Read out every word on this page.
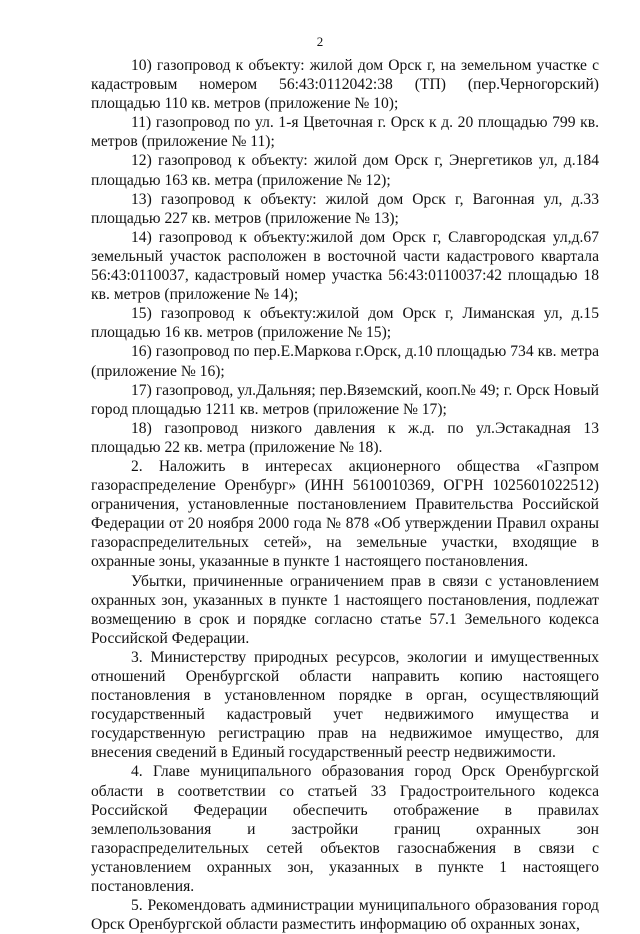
2

10) газопровод к объекту: жилой дом Орск г, на земельном участке с кадастровым номером 56:43:0112042:38 (ТП) (пер.Черногорский) площадью 110 кв. метров (приложение № 10);

11) газопровод по ул. 1-я Цветочная г. Орск к д. 20 площадью 799 кв. метров (приложение № 11);

12) газопровод к объекту: жилой дом Орск г, Энергетиков ул, д.184 площадью 163 кв. метра (приложение № 12);

13) газопровод к объекту: жилой дом Орск г, Вагонная ул, д.33 площадью 227 кв. метров (приложение № 13);

14) газопровод к объекту:жилой дом Орск г, Славгородская ул,д.67 земельный участок расположен в восточной части кадастрового квартала 56:43:0110037, кадастровый номер участка 56:43:0110037:42 площадью 18 кв. метров (приложение № 14);

15) газопровод к объекту:жилой дом Орск г, Лиманская ул, д.15 площадью 16 кв. метров (приложение № 15);

16) газопровод по пер.Е.Маркова г.Орск, д.10 площадью 734 кв. метра (приложение № 16);

17) газопровод, ул.Дальняя; пер.Вяземский, кооп.№ 49; г. Орск Новый город площадью 1211 кв. метров (приложение № 17);

18) газопровод низкого давления к ж.д. по ул.Эстакадная 13 площадью 22 кв. метра (приложение № 18).

2. Наложить в интересах акционерного общества «Газпром газораспределение Оренбург» (ИНН 5610010369, ОГРН 1025601022512) ограничения, установленные постановлением Правительства Российской Федерации от 20 ноября 2000 года № 878 «Об утверждении Правил охраны газораспределительных сетей», на земельные участки, входящие в охранные зоны, указанные в пункте 1 настоящего постановления.

Убытки, причиненные ограничением прав в связи с установлением охранных зон, указанных в пункте 1 настоящего постановления, подлежат возмещению в срок и порядке согласно статье 57.1 Земельного кодекса Российской Федерации.

3. Министерству природных ресурсов, экологии и имущественных отношений Оренбургской области направить копию настоящего постановления в установленном порядке в орган, осуществляющий государственный кадастровый учет недвижимого имущества и государственную регистрацию прав на недвижимое имущество, для внесения сведений в Единый государственный реестр недвижимости.

4. Главе муниципального образования город Орск Оренбургской области в соответствии со статьей 33 Градостроительного кодекса Российской Федерации обеспечить отображение в правилах землепользования и застройки границ охранных зон газораспределительных сетей объектов газоснабжения в связи с установлением охранных зон, указанных в пункте 1 настоящего постановления.

5. Рекомендовать администрации муниципального образования город Орск Оренбургской области разместить информацию об охранных зонах,
